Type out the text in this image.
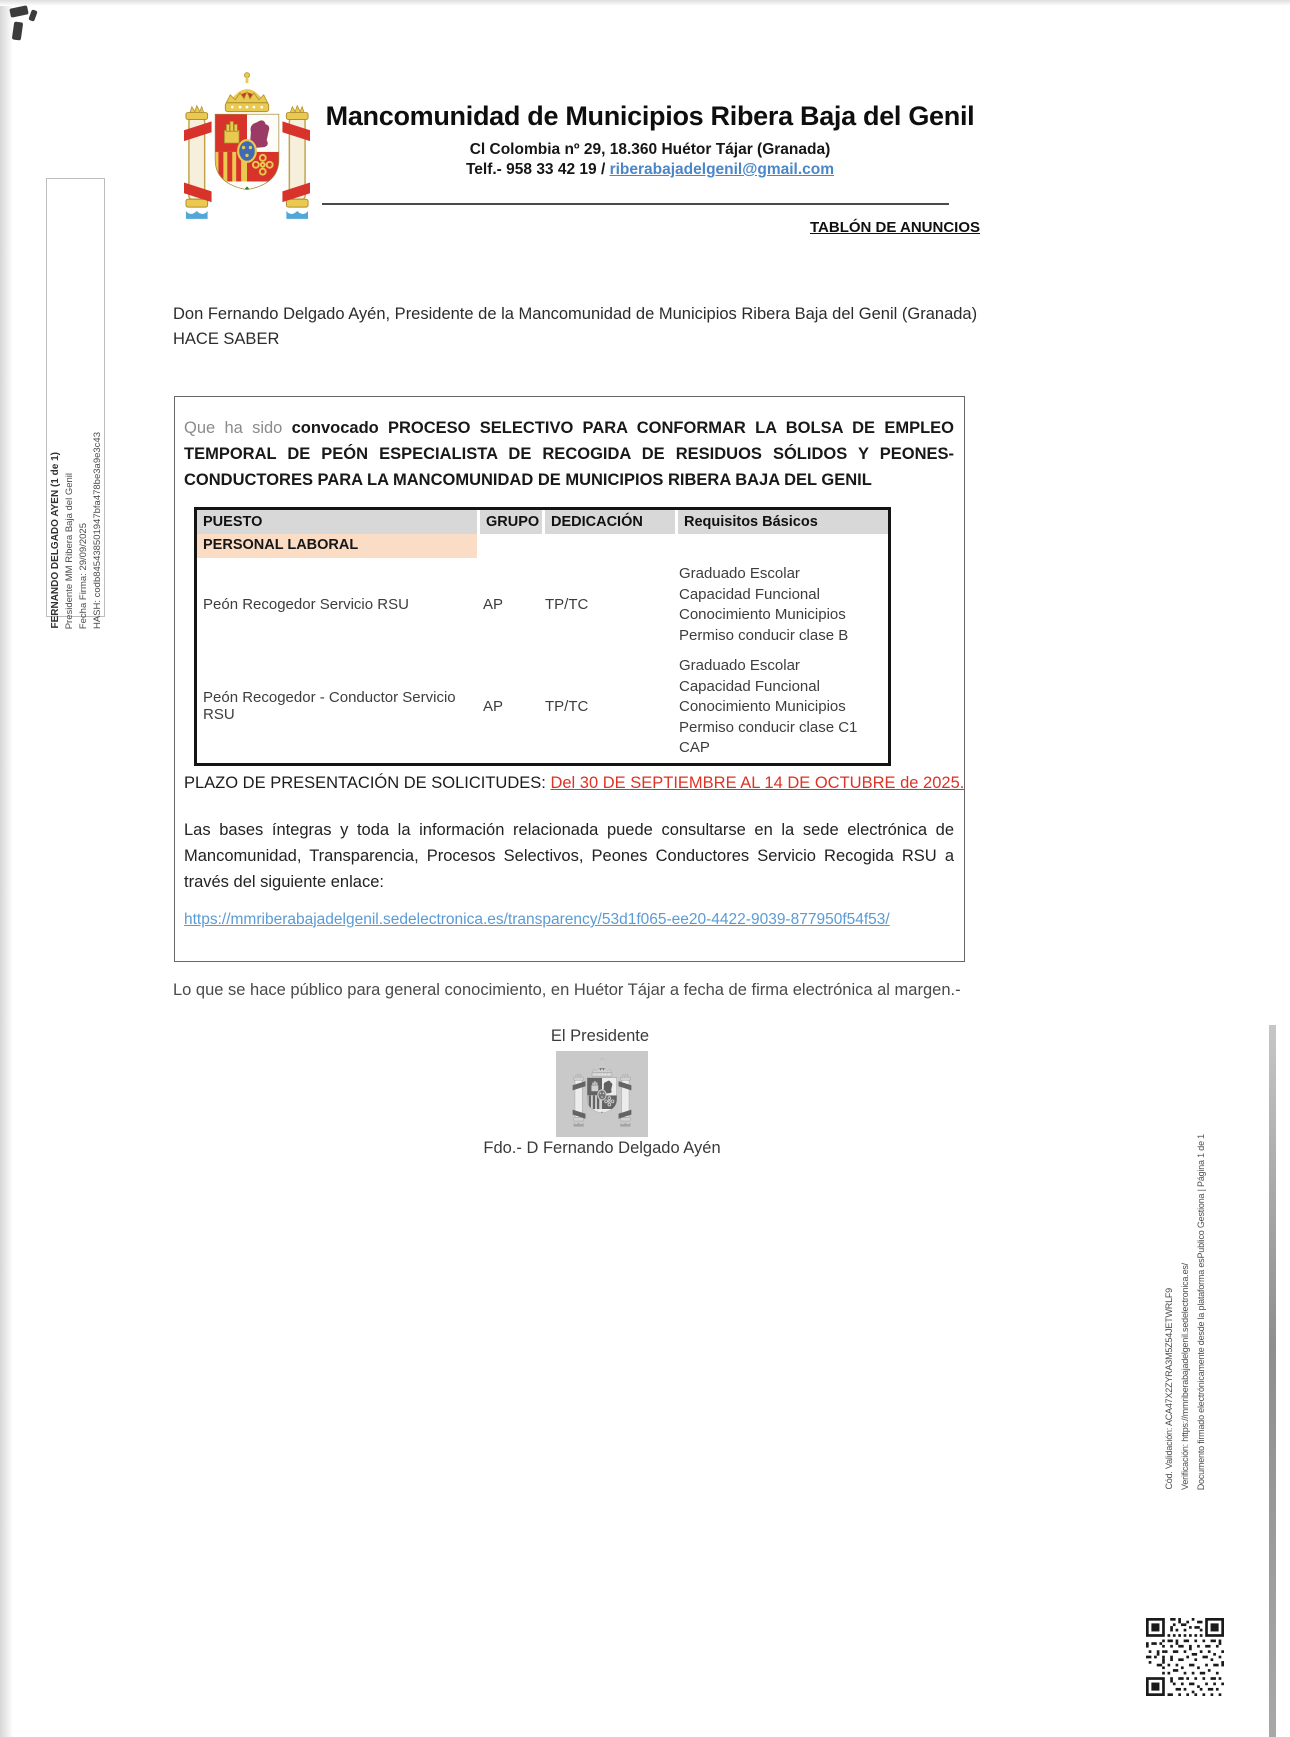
Mancomunidad de Municipios Ribera Baja del Genil
Cl Colombia nº 29, 18.360 Huétor Tájar (Granada)
Telf.- 958 33 42 19 / riberabajadelgenil@gmail.com
TABLÓN DE ANUNCIOS
FERNANDO DELGADO AYEN (1 de 1) Presidente MM Ribera Baja del Genil Fecha Firma: 29/09/2025 HASH: codb845438501947bfa478be3a9e3c43
Don Fernando Delgado Ayén, Presidente de la Mancomunidad de Municipios Ribera Baja del Genil (Granada)
HACE SABER
Que ha sido convocado PROCESO SELECTIVO PARA CONFORMAR LA BOLSA DE EMPLEO TEMPORAL DE PEÓN ESPECIALISTA DE RECOGIDA DE RESIDUOS SÓLIDOS Y PEONES-CONDUCTORES PARA LA MANCOMUNIDAD DE MUNICIPIOS RIBERA BAJA DEL GENIL
PUESTO	GRUPO DEDICACIÓN	Requisitos Básicos
PERSONAL LABORAL
Peón Recogedor Servicio RSU	AP	TP/TC
Graduado Escolar
Capacidad Funcional
Conocimiento Municipios
Permiso conducir clase B
Peón Recogedor - Conductor Servicio RSU	AP	TP/TC
Graduado Escolar
Capacidad Funcional
Conocimiento Municipios
Permiso conducir clase C1
CAP
PLAZO DE PRESENTACIÓN DE SOLICITUDES: Del 30 DE SEPTIEMBRE AL 14 DE OCTUBRE de 2025.
Las bases íntegras y toda la información relacionada puede consultarse en la sede electrónica de Mancomunidad, Transparencia, Procesos Selectivos, Peones Conductores Servicio Recogida RSU a través del siguiente enlace:
https://mmriberabajadelgenil.sedelectronica.es/transparency/53d1f065-ee20-4422-9039-877950f54f53/
Lo que se hace público para general conocimiento, en Huétor Tájar a fecha de firma electrónica al margen.-
El Presidente
Fdo.- D Fernando Delgado Ayén
Cód. Validación: ACA47X2ZYRA3M5Z54JETWRLF9 Verificación: https://mmriberabajadelgenil.sedelectronica.es/ Documento firmado electrónicamente desde la plataforma esPublico Gestiona | Página 1 de 1
